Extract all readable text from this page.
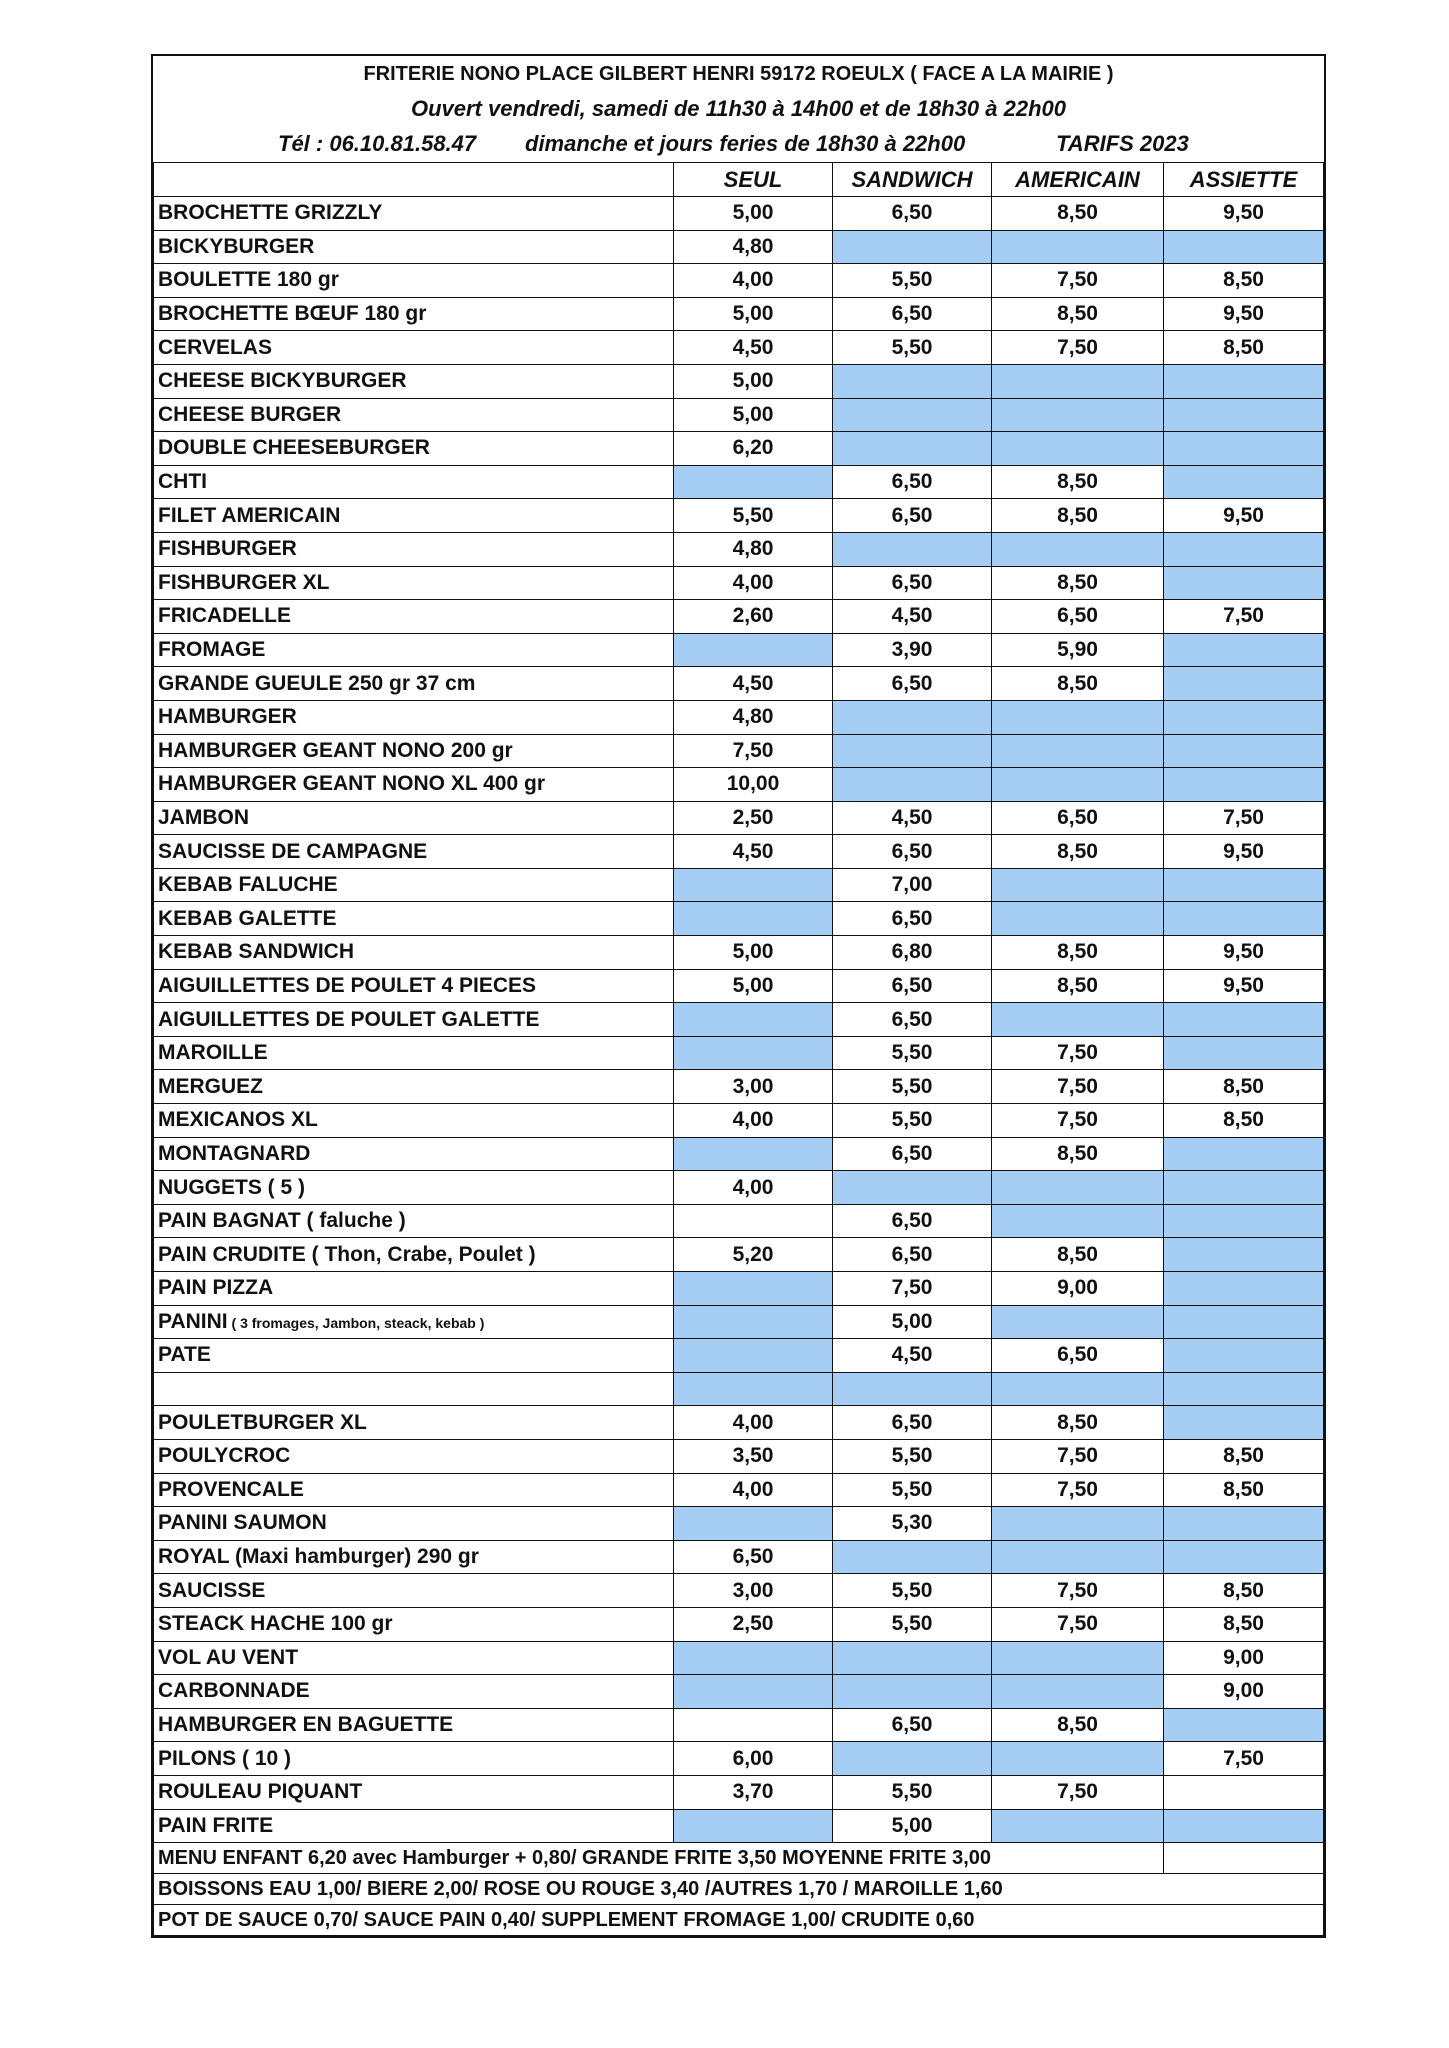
FRITERIE NONO PLACE GILBERT HENRI 59172 ROEULX ( FACE A LA MAIRIE )
Ouvert vendredi, samedi de 11h30 à 14h00 et de 18h30 à 22h00
Tél : 06.10.81.58.47 dimanche et jours feries de 18h30 à 22h00	TARIFS 2023
	SEUL	SANDWICH	AMERICAIN	ASSIETTE
BROCHETTE GRIZZLY	5,00	6,50	8,50	9,50
BICKYBURGER	4,80			
BOULETTE 180 gr	4,00	5,50	7,50	8,50
BROCHETTE BŒUF 180 gr	5,00	6,50	8,50	9,50
CERVELAS	4,50	5,50	7,50	8,50
CHEESE BICKYBURGER	5,00			
CHEESE BURGER	5,00			
DOUBLE CHEESEBURGER	6,20			
CHTI		6,50	8,50	
FILET AMERICAIN	5,50	6,50	8,50	9,50
FISHBURGER	4,80			
FISHBURGER XL	4,00	6,50	8,50	
FRICADELLE	2,60	4,50	6,50	7,50
FROMAGE		3,90	5,90	
GRANDE GUEULE 250 gr 37 cm	4,50	6,50	8,50	
HAMBURGER	4,80			
HAMBURGER GEANT NONO 200 gr	7,50			
HAMBURGER GEANT NONO XL 400 gr	10,00			
JAMBON	2,50	4,50	6,50	7,50
SAUCISSE DE CAMPAGNE	4,50	6,50	8,50	9,50
KEBAB FALUCHE		7,00		
KEBAB GALETTE		6,50		
KEBAB SANDWICH	5,00	6,80	8,50	9,50
AIGUILLETTES DE POULET 4 PIECES	5,00	6,50	8,50	9,50
AIGUILLETTES DE POULET GALETTE		6,50		
MAROILLE		5,50	7,50	
MERGUEZ	3,00	5,50	7,50	8,50
MEXICANOS XL	4,00	5,50	7,50	8,50
MONTAGNARD		6,50	8,50	
NUGGETS ( 5 )	4,00			
PAIN BAGNAT ( faluche )		6,50		
PAIN CRUDITE ( Thon, Crabe, Poulet )	5,20	6,50	8,50	
PAIN PIZZA		7,50	9,00	
PANINI ( 3 fromages, Jambon, steack, kebab )		5,00		
PATE		4,50	6,50	

POULETBURGER XL	4,00	6,50	8,50	
POULYCROC	3,50	5,50	7,50	8,50
PROVENCALE	4,00	5,50	7,50	8,50
PANINI SAUMON		5,30		
ROYAL (Maxi hamburger) 290 gr	6,50			
SAUCISSE	3,00	5,50	7,50	8,50
STEACK HACHE 100 gr	2,50	5,50	7,50	8,50
VOL AU VENT				9,00
CARBONNADE				9,00
HAMBURGER EN BAGUETTE		6,50	8,50	
PILONS ( 10 )	6,00			7,50
ROULEAU PIQUANT	3,70	5,50	7,50	
PAIN FRITE		5,00		
MENU ENFANT 6,20 avec Hamburger + 0,80/ GRANDE FRITE 3,50 MOYENNE FRITE 3,00				
BOISSONS EAU 1,00/ BIERE 2,00/ ROSE OU ROUGE 3,40 /AUTRES 1,70 / MAROILLE 1,60				
POT DE SAUCE 0,70/ SAUCE PAIN 0,40/ SUPPLEMENT FROMAGE 1,00/ CRUDITE 0,60				
